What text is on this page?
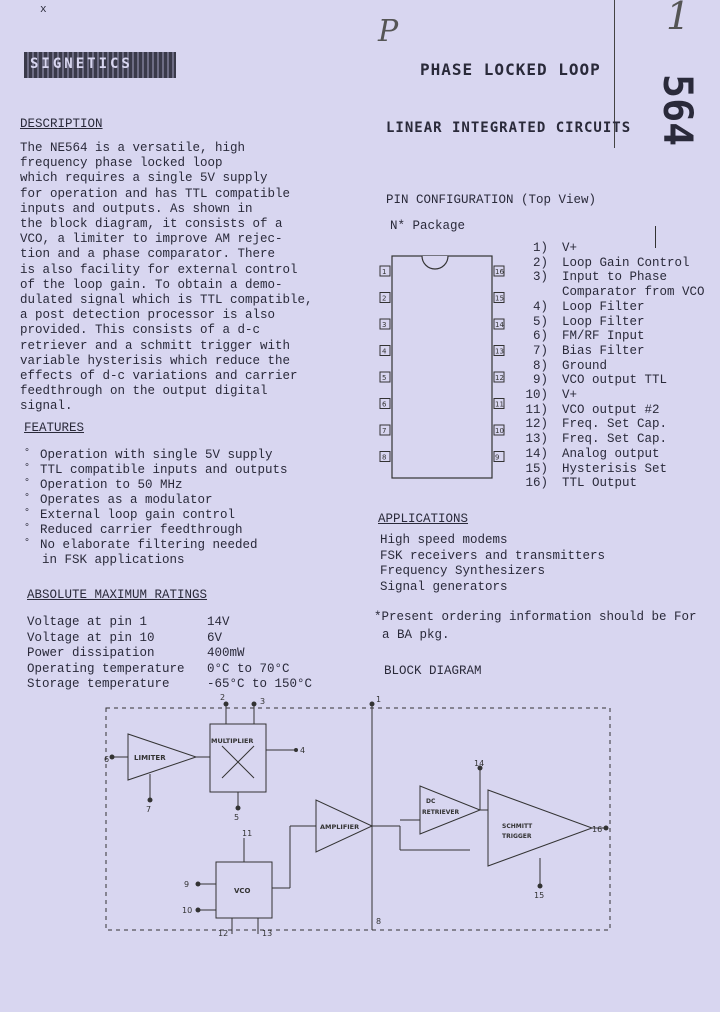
x
P	1
SIGNETICS	PHASE LOCKED LOOP
564
LINEAR INTEGRATED CIRCUITS
DESCRIPTION
The NE564 is a versatile, high
frequency phase locked loop
which requires a single 5V supply
for operation and has TTL compatible
inputs and outputs. As shown in
the block diagram, it consists of a
VCO, a limiter to improve AM rejec-
tion and a phase comparator. There
is also facility for external control
of the loop gain. To obtain a demo-
dulated signal which is TTL compatible,
a post detection processor is also
provided. This consists of a d-c
retriever and a schmitt trigger with
variable hysterisis which reduce the
effects of d-c variations and carrier
feedthrough on the output digital
signal.
FEATURES
° Operation with single 5V supply
° TTL compatible inputs and outputs
° Operation to 50 MHz
° Operates as a modulator
° External loop gain control
° Reduced carrier feedthrough
° No elaborate filtering needed
in FSK applications
ABSOLUTE MAXIMUM RATINGS
Voltage at pin 1	14V
Voltage at pin 10	6V
Power dissipation	400mW
Operating temperature 0°C to 70°C
Storage temperature	-65°C to 150°C
PIN CONFIGURATION (Top View)
N* Package
1
2
3
4
5
6
7
8
16
15
14
13
12
11
10
9
1) V+
2) Loop Gain Control
3) Input to Phase
Comparator from VCO
4) Loop Filter
5) Loop Filter
6) FM/RF Input
7) Bias Filter
8) Ground
9) VCO output TTL
10) V+
11) VCO output #2
12) Freq. Set Cap.
13) Freq. Set Cap.
14) Analog output
15) Hysterisis Set
16) TTL Output
APPLICATIONS
High speed modems
FSK receivers and transmitters
Frequency Synthesizers
Signal generators
*Present ordering information should be For
a BA pkg.
BLOCK DIAGRAM
LIMITER
MULTIPLIER
AMPLIFIER
DC
RETRIEVER
SCHMITT
TRIGGER
VCO
6
7
2	3
4
5
1
14
15
16
11
9
10
8
12	13
